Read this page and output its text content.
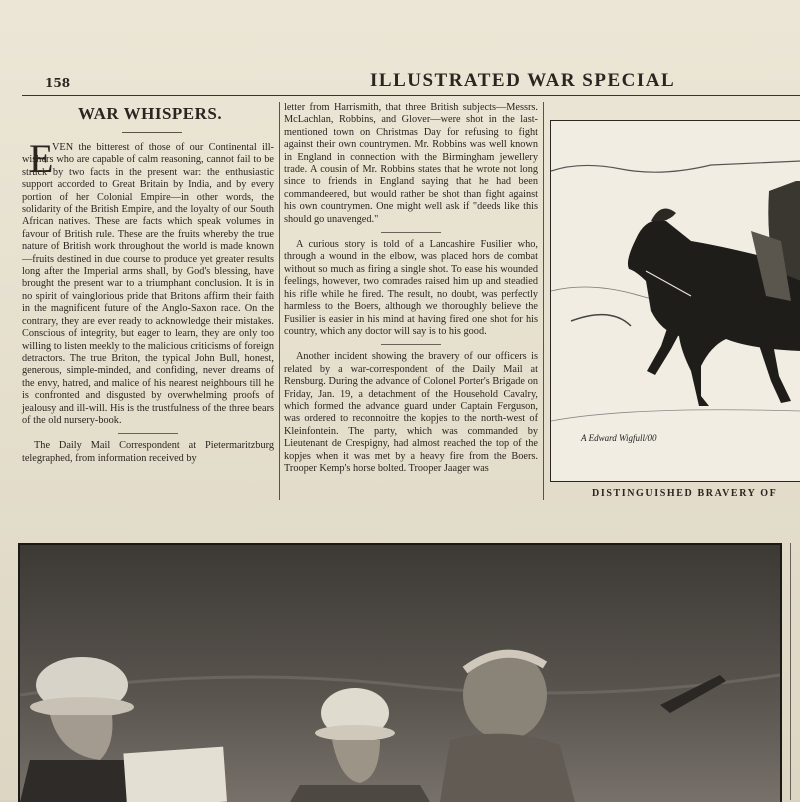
158	ILLUSTRATED WAR SPECIAL
WAR WHISPERS.
E

VEN the bitterest of those of our Continental ill-wishers who are capable of calm reasoning, cannot fail to be struck by two facts in the present war: the enthusiastic support accorded to Great Britain by India, and by every portion of her Colonial Empire—in other words, the solidarity of the British Empire, and the loyalty of our South African natives. These are facts which speak volumes in favour of British rule. These are the fruits whereby the true nature of British work throughout the world is made known—fruits destined in due course to produce yet greater results long after the Imperial arms shall, by God's blessing, have brought the present war to a triumphant conclusion. It is in no spirit of vainglorious pride that Britons affirm their faith in the magnificent future of the Anglo-Saxon race. On the contrary, they are ever ready to acknowledge their mistakes. Conscious of integrity, but eager to learn, they are only too willing to listen meekly to the malicious criticisms of foreign detractors. The true Briton, the typical John Bull, honest, generous, simple-minded, and confiding, never dreams of the envy, hatred, and malice of his nearest neighbours till he is confronted and disgusted by overwhelming proofs of jealousy and ill-will. His is the trustfulness of the three bears of the old nursery-book.

The Daily Mail Correspondent at Pietermaritzburg telegraphed, from information received by

letter from Harrismith, that three British subjects—Messrs. McLachlan, Robbins, and Glover—were shot in the last-mentioned town on Christmas Day for refusing to fight against their own countrymen. Mr. Robbins was well known in England in connection with the Birmingham jewellery trade. A cousin of Mr. Robbins states that he wrote not long since to friends in England saying that he had been commandeered, but would rather be shot than fight against his own countrymen. One might well ask if "deeds like this should go unavenged."

A curious story is told of a Lancashire Fusilier who, through a wound in the elbow, was placed hors de combat without so much as firing a single shot. To ease his wounded feelings, however, two comrades raised him up and steadied his rifle while he fired. The result, no doubt, was perfectly harmless to the Boers, although we thoroughly believe the Fusilier is easier in his mind at having fired one shot for his country, which any doctor will say is to his good.

Another incident showing the bravery of our officers is related by a war-correspondent of the Daily Mail at Rensburg. During the advance of Colonel Porter's Brigade on Friday, Jan. 19, a detachment of the Household Cavalry, which formed the advance guard under Captain Ferguson, was ordered to reconnoitre the kopjes to the north-west of Kleinfontein. The party, which was commanded by Lieutenant de Crespigny, had almost reached the top of the kopjes when it was met by a heavy fire from the Boers. Trooper Kemp's horse bolted. Trooper Jaager was

A Edward Wigfull/00
DISTINGUISHED BRAVERY OF
